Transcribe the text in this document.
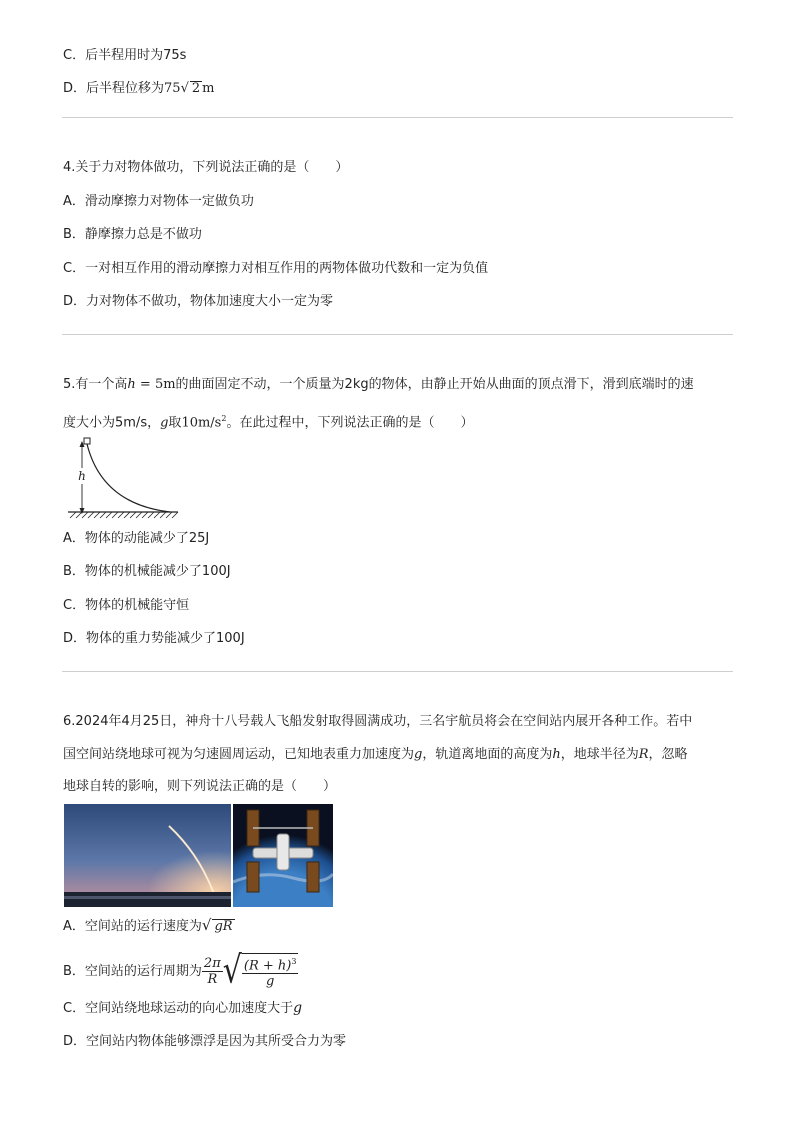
C．后半程用时为75s
D．后半程位移为75√ 2 m
4.关于力对物体做功，下列说法正确的是（　　）
A．滑动摩擦力对物体一定做负功
B．静摩擦力总是不做功
C．一对相互作用的滑动摩擦力对相互作用的两物体做功代数和一定为负值
D．力对物体不做功，物体加速度大小一定为零
5.有一个高h = 5m的曲面固定不动，一个质量为2kg的物体，由静止开始从曲面的顶点滑下，滑到底端时的速
度大小为5m/s，g取$10m/s^2$。在此过程中，下列说法正确的是（　　）
h
A．物体的动能减少了25J
B．物体的机械能减少了100J
C．物体的机械能守恒
D．物体的重力势能减少了100J
6.2024年4月25日，神舟十八号载人飞船发射取得圆满成功，三名宇航员将会在空间站内展开各种工作。若中
国空间站绕地球可视为匀速圆周运动，已知地表重力加速度为g，轨道离地面的高度为h，地球半径为R，忽略
地球自转的影响，则下列说法正确的是（　　）
A．空间站的运行速度为√ gR
B．空间站的运行周期为 $\frac{2\pi}{R}$ √ $\frac{(R + h)^3}{g}$
C．空间站绕地球运动的向心加速度大于g
D．空间站内物体能够漂浮是因为其所受合力为零
